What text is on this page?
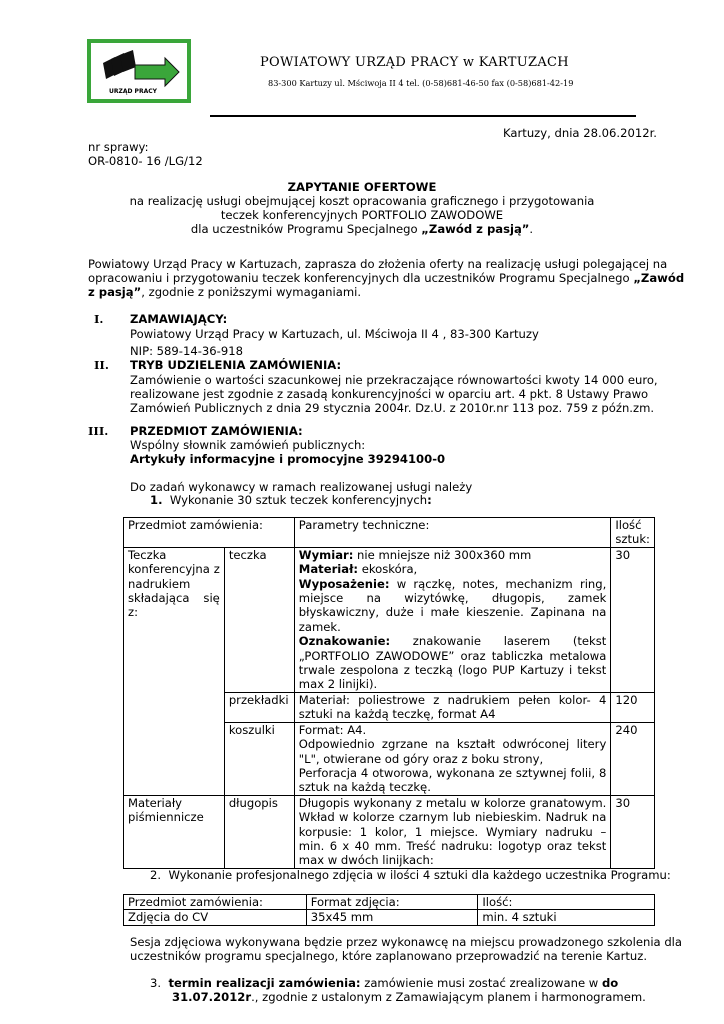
URZĄD PRACY
POWIATOWY URZĄD PRACY w KARTUZACH
83-300 Kartuzy ul. Mściwoja II 4 tel. (0-58)681-46-50 fax (0-58)681-42-19
Kartuzy, dnia 28.06.2012r.
nr sprawy:
OR-0810- 16 /LG/12
ZAPYTANIE OFERTOWE
na realizację usługi obejmującej koszt opracowania graficznego i przygotowania
teczek konferencyjnych PORTFOLIO ZAWODOWE
dla uczestników Programu Specjalnego „Zawód z pasją”.
Powiatowy Urząd Pracy w Kartuzach, zaprasza do złożenia oferty na realizację usługi polegającej na
opracowaniu i przygotowaniu teczek konferencyjnych dla uczestników Programu Specjalnego „Zawód
z pasją”, zgodnie z poniższymi wymaganiami.
I. ZAMAWIAJĄCY:
Powiatowy Urząd Pracy w Kartuzach, ul. Mściwoja II 4 , 83-300 Kartuzy
NIP: 589-14-36-918
II. TRYB UDZIELENIA ZAMÓWIENIA:
Zamówienie o wartości szacunkowej nie przekraczające równowartości kwoty 14 000 euro,
realizowane jest zgodnie z zasadą konkurencyjności w oparciu art. 4 pkt. 8 Ustawy Prawo
Zamówień Publicznych z dnia 29 stycznia 2004r. Dz.U. z 2010r.nr 113 poz. 759 z późn.zm.
III. PRZEDMIOT ZAMÓWIENIA:
Wspólny słownik zamówień publicznych:
Artykuły informacyjne i promocyjne 39294100-0
Do zadań wykonawcy w ramach realizowanej usługi należy
1. Wykonanie 30 sztuk teczek konferencyjnych:
Przedmiot zamówienia:		Parametry techniczne:	Ilość
sztuk:
Teczka konferencyjna z nadrukiem składająca się z:	teczka	Wymiar: nie mniejsze niż 300x360 mm
Materiał: ekoskóra,
Wyposażenie: w rączkę, notes, mechanizm ring, miejsce na wizytówkę, długopis, zamek błyskawiczny, duże i małe kieszenie. Zapinana na zamek.
Oznakowanie: znakowanie laserem (tekst „PORTFOLIO ZAWODOWE” oraz tabliczka metalowa trwale zespolona z teczką (logo PUP Kartuzy i tekst max 2 linijki).	30
	przekładki	Materiał: poliestrowe z nadrukiem pełen kolor- 4 sztuki na każdą teczkę, format A4	120
	koszulki	Format: A4.
Odpowiednio zgrzane na kształt odwróconej litery "L", otwierane od góry oraz z boku strony,
Perforacja 4 otworowa, wykonana ze sztywnej folii, 8 sztuk na każdą teczkę.	240
Materiały piśmiennicze	długopis	Długopis wykonany z metalu w kolorze granatowym. Wkład w kolorze czarnym lub niebieskim. Nadruk na korpusie: 1 kolor, 1 miejsce. Wymiary nadruku – min. 6 x 40 mm. Treść nadruku: logotyp oraz tekst max w dwóch linijkach:	30
2. Wykonanie profesjonalnego zdjęcia w ilości 4 sztuki dla każdego uczestnika Programu:
Przedmiot zamówienia:	Format zdjęcia:	Ilość:
Zdjęcia do CV	35x45 mm	min. 4 sztuki
Sesja zdjęciowa wykonywana będzie przez wykonawcę na miejscu prowadzonego szkolenia dla
uczestników programu specjalnego, które zaplanowano przeprowadzić na terenie Kartuz.
3. termin realizacji zamówienia: zamówienie musi zostać zrealizowane w do
31.07.2012r., zgodnie z ustalonym z Zamawiającym planem i harmonogramem.
